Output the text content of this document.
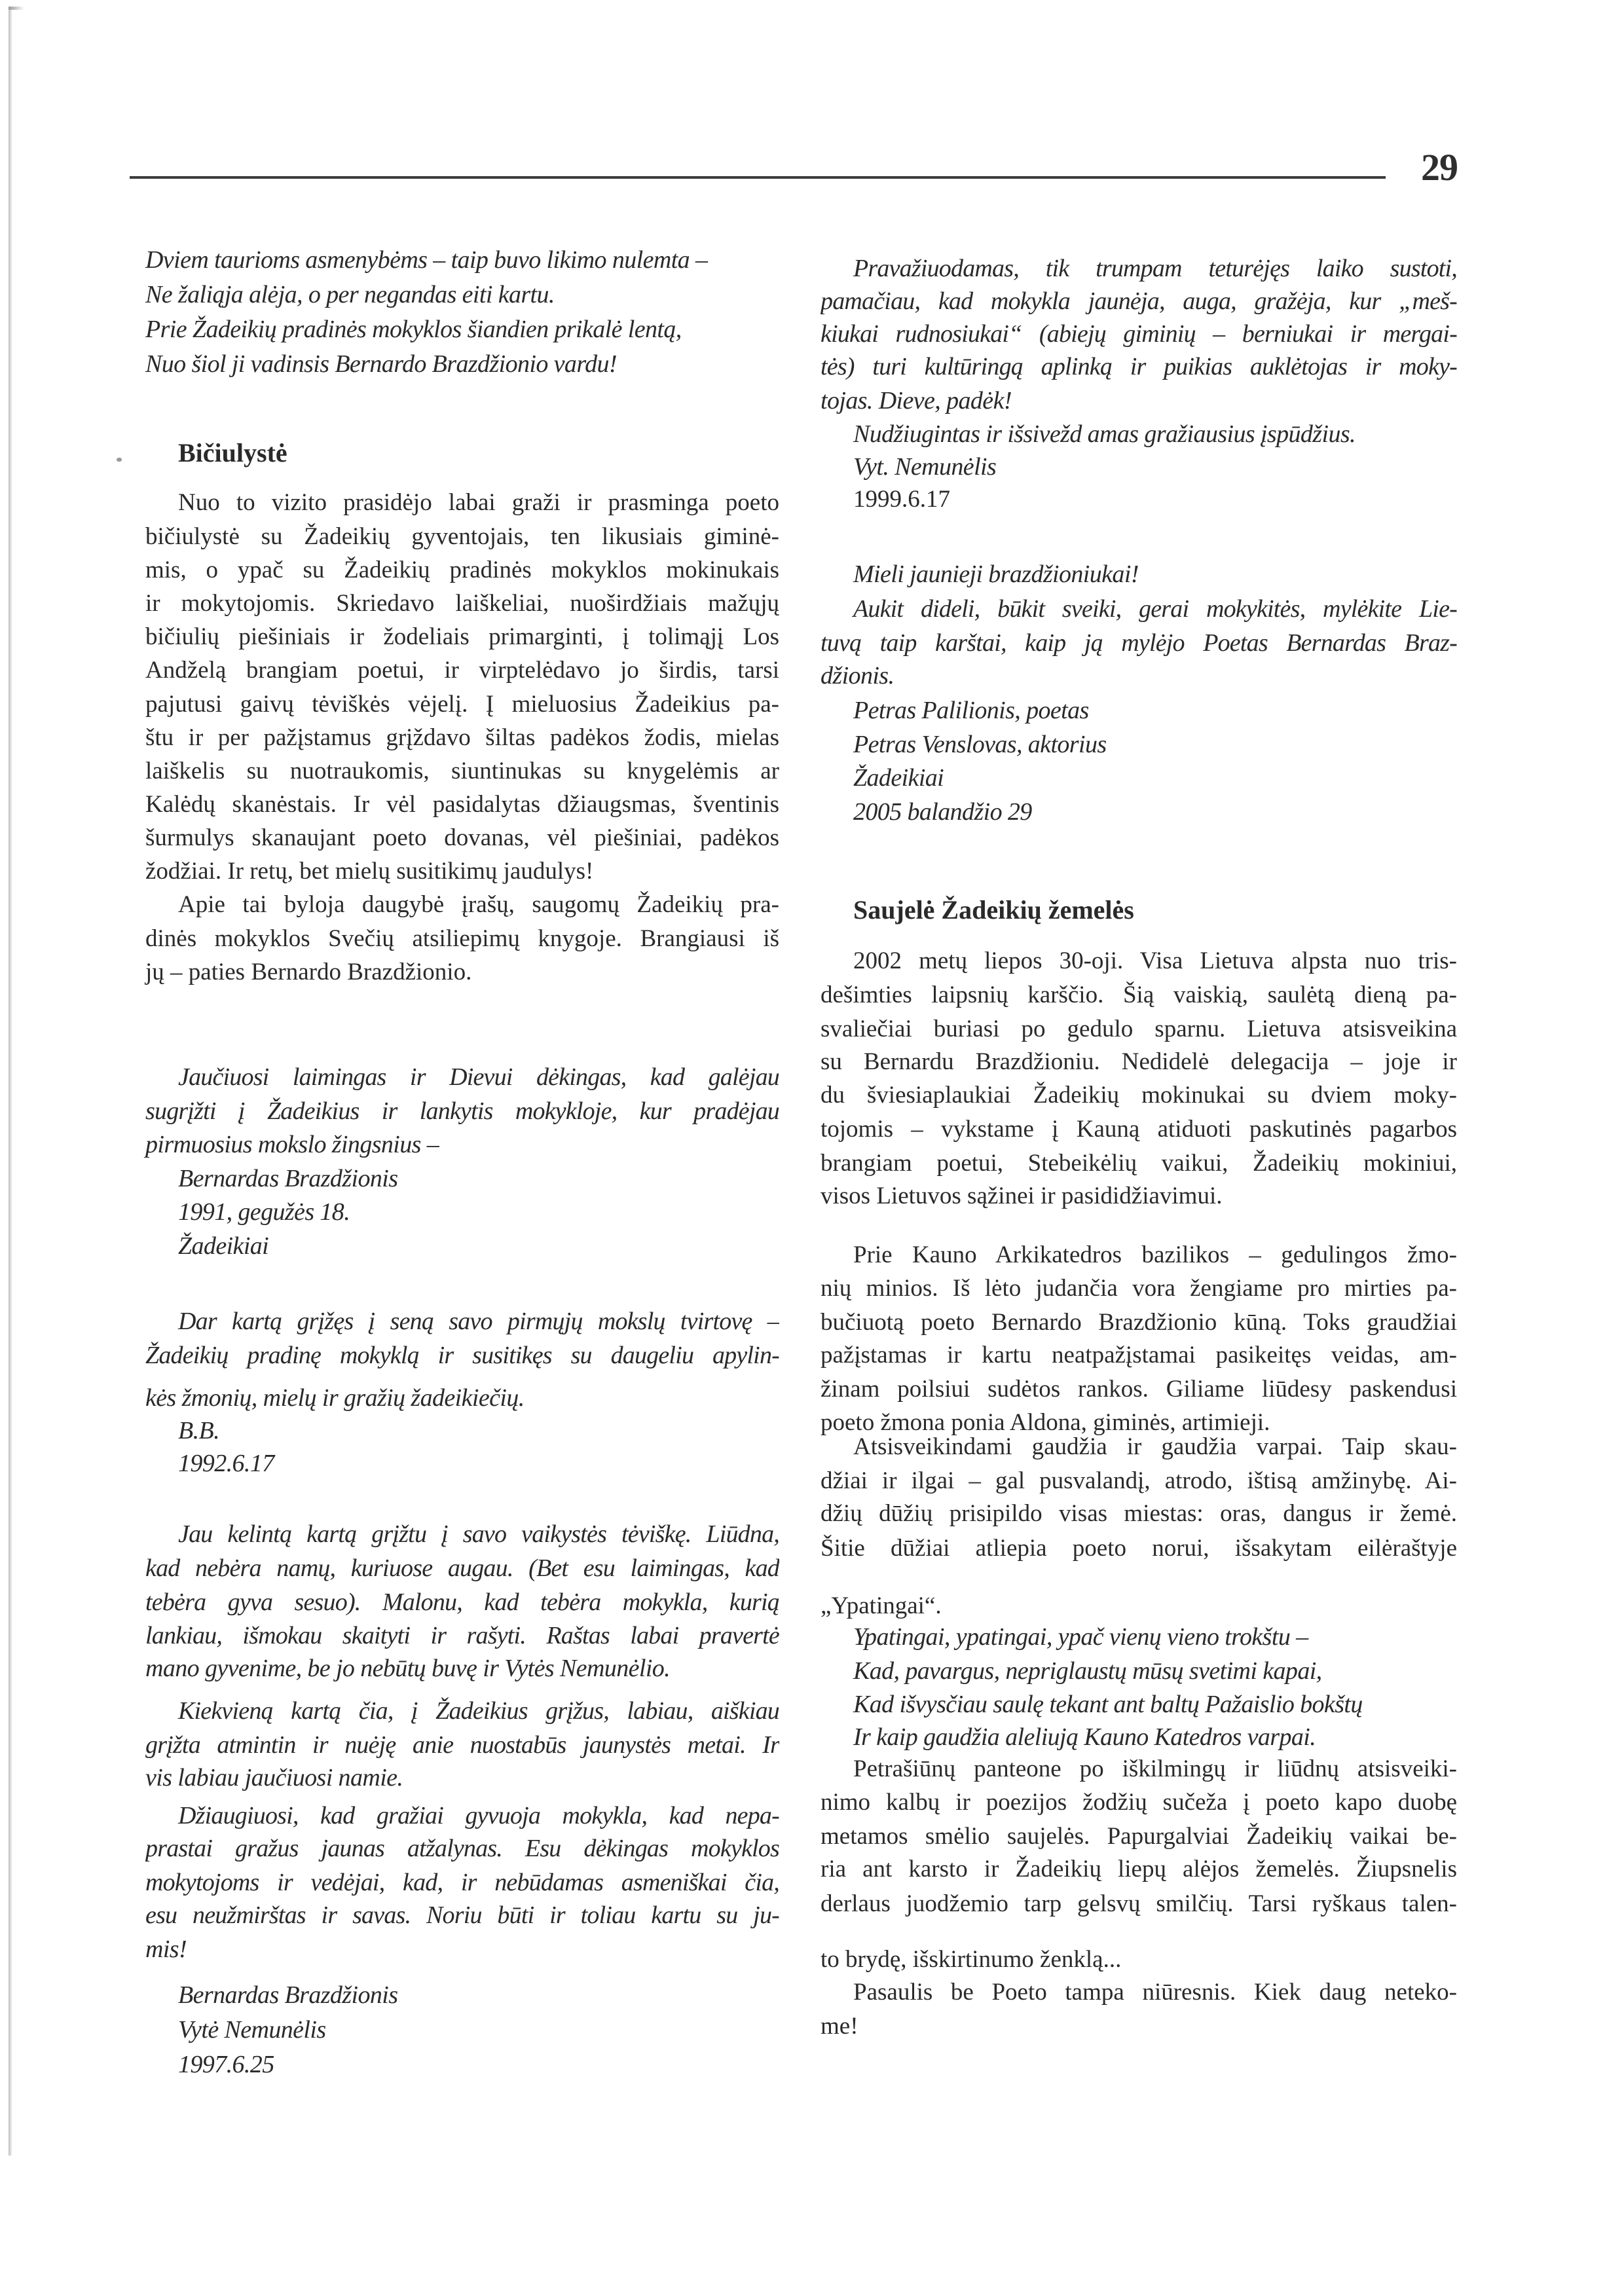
29
Bičiulystė
Dviem taurioms asmenybėms – taip buvo likimo nulemta –
Ne žaliąja alėja, o per negandas eiti kartu.
Prie Žadeikių pradinės mokyklos šiandien prikalė lentą,
Nuo šiol ji vadinsis Bernardo Brazdžionio vardu!
Nuo to vizito prasidėjo labai graži ir prasminga poeto
bičiulystė su Žadeikių gyventojais, ten likusiais giminė-
mis, o ypač su Žadeikių pradinės mokyklos mokinukais
ir mokytojomis. Skriedavo laiškeliai, nuoširdžiais mažųjų
bičiulių piešiniais ir žodeliais primarginti, į tolimąjį Los
Andželą brangiam poetui, ir virptelėdavo jo širdis, tarsi
pajutusi gaivų tėviškės vėjelį. Į mieluosius Žadeikius pa-
štu ir per pažįstamus grįždavo šiltas padėkos žodis, mielas
laiškelis su nuotraukomis, siuntinukas su knygelėmis ar
Kalėdų skanėstais. Ir vėl pasidalytas džiaugsmas, šventinis
šurmulys skanaujant poeto dovanas, vėl piešiniai, padėkos
žodžiai. Ir retų, bet mielų susitikimų jaudulys!
Apie tai byloja daugybė įrašų, saugomų Žadeikių pra-
dinės mokyklos Svečių atsiliepimų knygoje. Brangiausi iš
jų – paties Bernardo Brazdžionio.
Jaučiuosi laimingas ir Dievui dėkingas, kad galėjau
sugrįžti į Žadeikius ir lankytis mokykloje, kur pradėjau
pirmuosius mokslo žingsnius –
Bernardas Brazdžionis
1991, gegužės 18.
Žadeikiai
Dar kartą grįžęs į seną savo pirmųjų mokslų tvirtovę –
Žadeikių pradinę mokyklą ir susitikęs su daugeliu apylin-
kės žmonių, mielų ir gražių žadeikiečių.
B.B.
1992.6.17
Jau kelintą kartą grįžtu į savo vaikystės tėviškę. Liūdna,
kad nebėra namų, kuriuose augau. (Bet esu laimingas, kad
tebėra gyva sesuo). Malonu, kad tebėra mokykla, kurią
lankiau, išmokau skaityti ir rašyti. Raštas labai pravertė
mano gyvenime, be jo nebūtų buvę ir Vytės Nemunėlio.
Kiekvieną kartą čia, į Žadeikius grįžus, labiau, aiškiau
grįžta atmintin ir nuėję anie nuostabūs jaunystės metai. Ir
vis labiau jaučiuosi namie.
Džiaugiuosi, kad gražiai gyvuoja mokykla, kad nepa-
prastai gražus jaunas atžalynas. Esu dėkingas mokyklos
mokytojoms ir vedėjai, kad, ir nebūdamas asmeniškai čia,
esu neužmirštas ir savas. Noriu būti ir toliau kartu su ju-
mis!
Bernardas Brazdžionis
Vytė Nemunėlis
1997.6.25
Saujelė Žadeikių žemelės
Pravažiuodamas, tik trumpam teturėjęs laiko sustoti,
pamačiau, kad mokykla jaunėja, auga, gražėja, kur „meš-
kiukai rudnosiukai“ (abiejų giminių – berniukai ir mergai-
tės) turi kultūringą aplinką ir puikias auklėtojas ir moky-
tojas. Dieve, padėk!
Nudžiugintas ir išsivežd amas gražiausius įspūdžius.
Vyt. Nemunėlis
1999.6.17
Mieli jaunieji brazdžioniukai!
Aukit dideli, būkit sveiki, gerai mokykitės, mylėkite Lie-
tuvą taip karštai, kaip ją mylėjo Poetas Bernardas Braz-
džionis.
Petras Palilionis, poetas
Petras Venslovas, aktorius
Žadeikiai
2005 balandžio 29
2002 metų liepos 30-oji. Visa Lietuva alpsta nuo tris-
dešimties laipsnių karščio. Šią vaiskią, saulėtą dieną pa-
svaliečiai buriasi po gedulo sparnu. Lietuva atsisveikina
su Bernardu Brazdžioniu. Nedidelė delegacija – joje ir
du šviesiaplaukiai Žadeikių mokinukai su dviem moky-
tojomis – vykstame į Kauną atiduoti paskutinės pagarbos
brangiam poetui, Stebeikėlių vaikui, Žadeikių mokiniui,
visos Lietuvos sąžinei ir pasididžiavimui.
Prie Kauno Arkikatedros bazilikos – gedulingos žmo-
nių minios. Iš lėto judančia vora žengiame pro mirties pa-
bučiuotą poeto Bernardo Brazdžionio kūną. Toks graudžiai
pažįstamas ir kartu neatpažįstamai pasikeitęs veidas, am-
žinam poilsiui sudėtos rankos. Giliame liūdesy paskendusi
poeto žmona ponia Aldona, giminės, artimieji.
Atsisveikindami gaudžia ir gaudžia varpai. Taip skau-
džiai ir ilgai – gal pusvalandį, atrodo, ištisą amžinybę. Ai-
džių dūžių prisipildo visas miestas: oras, dangus ir žemė.
Šitie dūžiai atliepia poeto norui, išsakytam eilėraštyje
„Ypatingai“.
Ypatingai, ypatingai, ypač vienų vieno trokštu –
Kad, pavargus, nepriglaustų mūsų svetimi kapai,
Kad išvysčiau saulę tekant ant baltų Pažaislio bokštų
Ir kaip gaudžia aleliują Kauno Katedros varpai.
Petrašiūnų panteone po iškilmingų ir liūdnų atsisveiki-
nimo kalbų ir poezijos žodžių sučeža į poeto kapo duobę
metamos smėlio saujelės. Papurgalviai Žadeikių vaikai be-
ria ant karsto ir Žadeikių liepų alėjos žemelės. Žiupsnelis
derlaus juodžemio tarp gelsvų smilčių. Tarsi ryškaus talen-
to brydę, išskirtinumo ženklą...
Pasaulis be Poeto tampa niūresnis. Kiek daug neteko-
me!
